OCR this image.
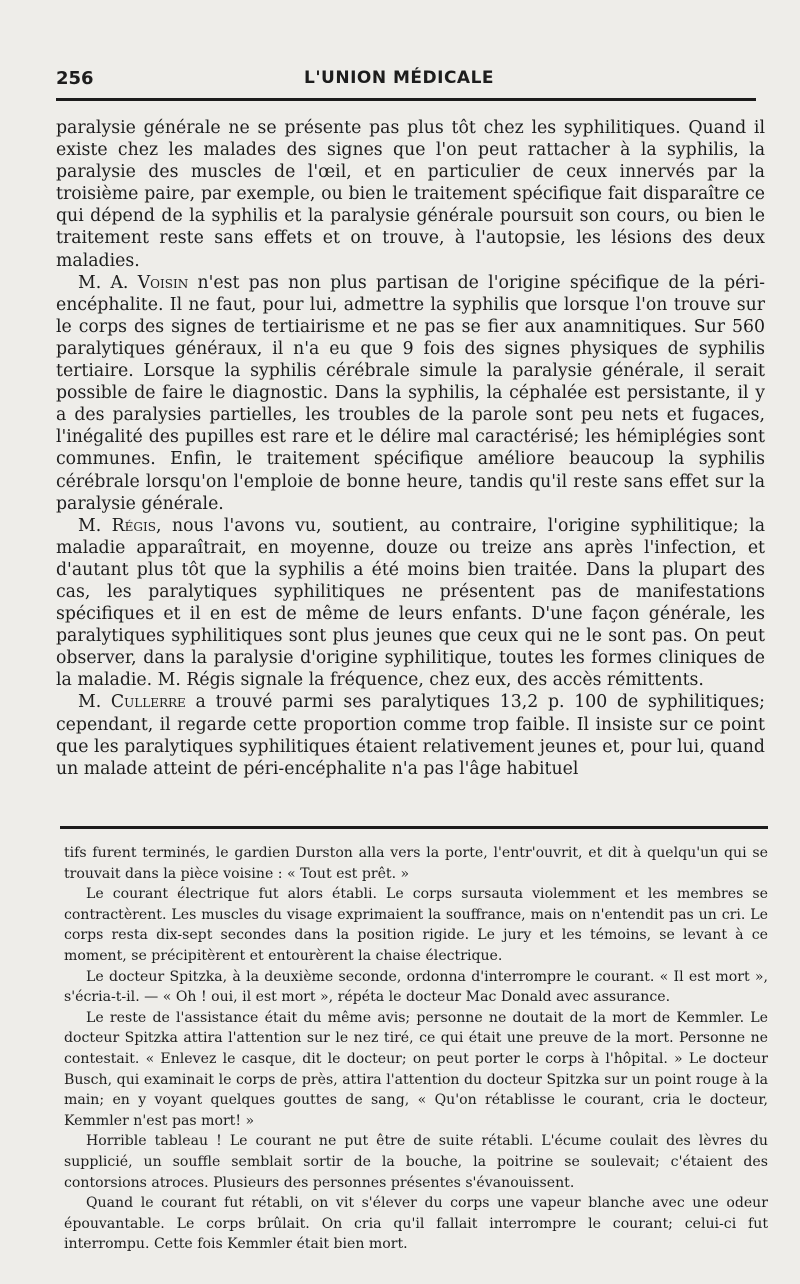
256	L'UNION MÉDICALE

paralysie générale ne se présente pas plus tôt chez les syphilitiques. Quand il existe chez les malades des signes que l'on peut rattacher à la syphilis, la paralysie des muscles de l'œil, et en particulier de ceux innervés par la troisième paire, par exemple, ou bien le traitement spécifique fait disparaître ce qui dépend de la syphilis et la paralysie générale poursuit son cours, ou bien le traitement reste sans effets et on trouve, à l'autopsie, les lésions des deux maladies.

M. A. Voisin n'est pas non plus partisan de l'origine spécifique de la péri-encéphalite. Il ne faut, pour lui, admettre la syphilis que lorsque l'on trouve sur le corps des signes de tertiairisme et ne pas se fier aux anamnitiques. Sur 560 paralytiques généraux, il n'a eu que 9 fois des signes physiques de syphilis tertiaire. Lorsque la syphilis cérébrale simule la paralysie générale, il serait possible de faire le diagnostic. Dans la syphilis, la céphalée est persistante, il y a des paralysies partielles, les troubles de la parole sont peu nets et fugaces, l'inégalité des pupilles est rare et le délire mal caractérisé; les hémiplégies sont communes. Enfin, le traitement spécifique améliore beaucoup la syphilis cérébrale lorsqu'on l'emploie de bonne heure, tandis qu'il reste sans effet sur la paralysie générale.

M. Régis, nous l'avons vu, soutient, au contraire, l'origine syphilitique; la maladie apparaîtrait, en moyenne, douze ou treize ans après l'infection, et d'autant plus tôt que la syphilis a été moins bien traitée. Dans la plupart des cas, les paralytiques syphilitiques ne présentent pas de manifestations spécifiques et il en est de même de leurs enfants. D'une façon générale, les paralytiques syphilitiques sont plus jeunes que ceux qui ne le sont pas. On peut observer, dans la paralysie d'origine syphilitique, toutes les formes cliniques de la maladie. M. Régis signale la fréquence, chez eux, des accès rémittents.

M. Cullerre a trouvé parmi ses paralytiques 13,2 p. 100 de syphilitiques; cependant, il regarde cette proportion comme trop faible. Il insiste sur ce point que les paralytiques syphilitiques étaient relativement jeunes et, pour lui, quand un malade atteint de péri-encéphalite n'a pas l'âge habituel

tifs furent terminés, le gardien Durston alla vers la porte, l'entr'ouvrit, et dit à quelqu'un qui se trouvait dans la pièce voisine : « Tout est prêt. »

Le courant électrique fut alors établi. Le corps sursauta violemment et les membres se contractèrent. Les muscles du visage exprimaient la souffrance, mais on n'entendit pas un cri. Le corps resta dix-sept secondes dans la position rigide. Le jury et les témoins, se levant à ce moment, se précipitèrent et entourèrent la chaise électrique.

Le docteur Spitzka, à la deuxième seconde, ordonna d'interrompre le courant. « Il est mort », s'écria-t-il. — « Oh ! oui, il est mort », répéta le docteur Mac Donald avec assurance.

Le reste de l'assistance était du même avis; personne ne doutait de la mort de Kemmler. Le docteur Spitzka attira l'attention sur le nez tiré, ce qui était une preuve de la mort. Personne ne contestait. « Enlevez le casque, dit le docteur; on peut porter le corps à l'hôpital. » Le docteur Busch, qui examinait le corps de près, attira l'attention du docteur Spitzka sur un point rouge à la main; en y voyant quelques gouttes de sang, « Qu'on rétablisse le courant, cria le docteur, Kemmler n'est pas mort! »

Horrible tableau ! Le courant ne put être de suite rétabli. L'écume coulait des lèvres du supplicié, un souffle semblait sortir de la bouche, la poitrine se soulevait; c'étaient des contorsions atroces. Plusieurs des personnes présentes s'évanouissent.

Quand le courant fut rétabli, on vit s'élever du corps une vapeur blanche avec une odeur épouvantable. Le corps brûlait. On cria qu'il fallait interrompre le courant; celui-ci fut interrompu. Cette fois Kemmler était bien mort.
